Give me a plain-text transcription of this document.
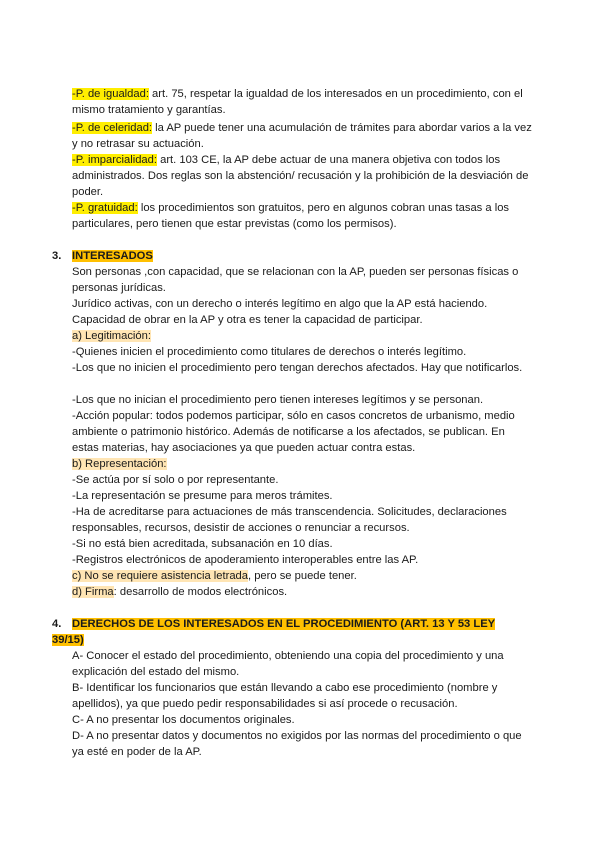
-P. de igualdad: art. 75, respetar la igualdad de los interesados en un procedimiento, con el mismo tratamiento y garantías.
-P. de celeridad: la AP puede tener una acumulación de trámites para abordar varios a la vez y no retrasar su actuación.
-P. imparcialidad: art. 103 CE, la AP debe actuar de una manera objetiva con todos los administrados. Dos reglas son la abstención/ recusación y la prohibición de la desviación de poder.
-P. gratuidad: los procedimientos son gratuitos, pero en algunos cobran unas tasas a los particulares, pero tienen que estar previstas (como los permisos).
3. INTERESADOS
Son personas ,con capacidad, que se relacionan con la AP, pueden ser personas físicas o personas jurídicas.
Jurídico activas, con un derecho o interés legítimo en algo que la AP está haciendo.
Capacidad de obrar en la AP y otra es tener la capacidad de participar.
a) Legitimación:
-Quienes inicien el procedimiento como titulares de derechos o interés legítimo.
-Los que no inicien el procedimiento pero tengan derechos afectados. Hay que notificarlos.
-Los que no inician el procedimiento pero tienen intereses legítimos y se personan.
-Acción popular: todos podemos participar, sólo en casos concretos de urbanismo, medio ambiente o patrimonio histórico. Además de notificarse a los afectados, se publican. En estas materias, hay asociaciones ya que pueden actuar contra estas.
b) Representación:
-Se actúa por sí solo o por representante.
-La representación se presume para meros trámites.
-Ha de acreditarse para actuaciones de más transcendencia. Solicitudes, declaraciones responsables, recursos, desistir de acciones o renunciar a recursos.
-Si no está bien acreditada, subsanación en 10 días.
-Registros electrónicos de apoderamiento interoperables entre las AP.
c) No se requiere asistencia letrada, pero se puede tener.
d) Firma: desarrollo de modos electrónicos.
4. DERECHOS DE LOS INTERESADOS EN EL PROCEDIMIENTO (ART. 13 Y 53 LEY 39/15)
A- Conocer el estado del procedimiento, obteniendo una copia del procedimiento y una explicación del estado del mismo.
B- Identificar los funcionarios que están llevando a cabo ese procedimiento (nombre y apellidos), ya que puedo pedir responsabilidades si así procede o recusación.
C- A no presentar los documentos originales.
D- A no presentar datos y documentos no exigidos por las normas del procedimiento o que ya esté en poder de la AP.
